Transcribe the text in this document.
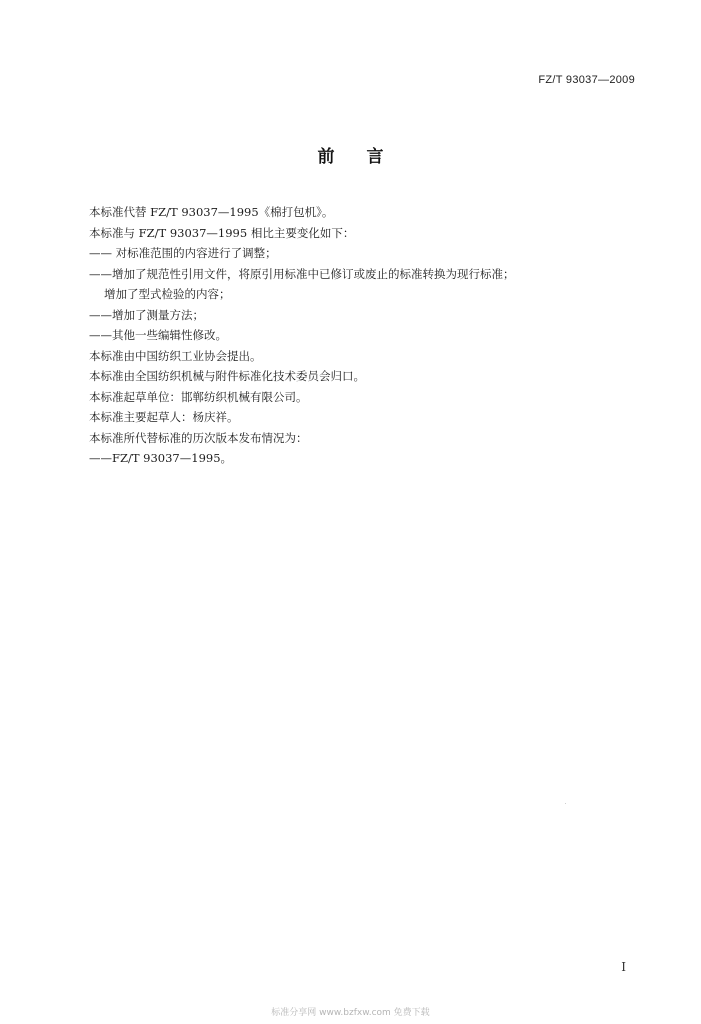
FZ/T 93037—2009
前言
本标准代替 FZ/T 93037—1995《棉打包机》。
本标准与 FZ/T 93037—1995 相比主要变化如下：
—— 对标准范围的内容进行了调整；
——增加了规范性引用文件，将原引用标准中已修订或废止的标准转换为现行标准；
增加了型式检验的内容；
——增加了测量方法；
——其他一些编辑性修改。
本标准由中国纺织工业协会提出。
本标准由全国纺织机械与附件标准化技术委员会归口。
本标准起草单位：邯郸纺织机械有限公司。
本标准主要起草人：杨庆祥。
本标准所代替标准的历次版本发布情况为：
——FZ/T 93037—1995。
I
标准分享网 www.bzfxw.com 免费下载
